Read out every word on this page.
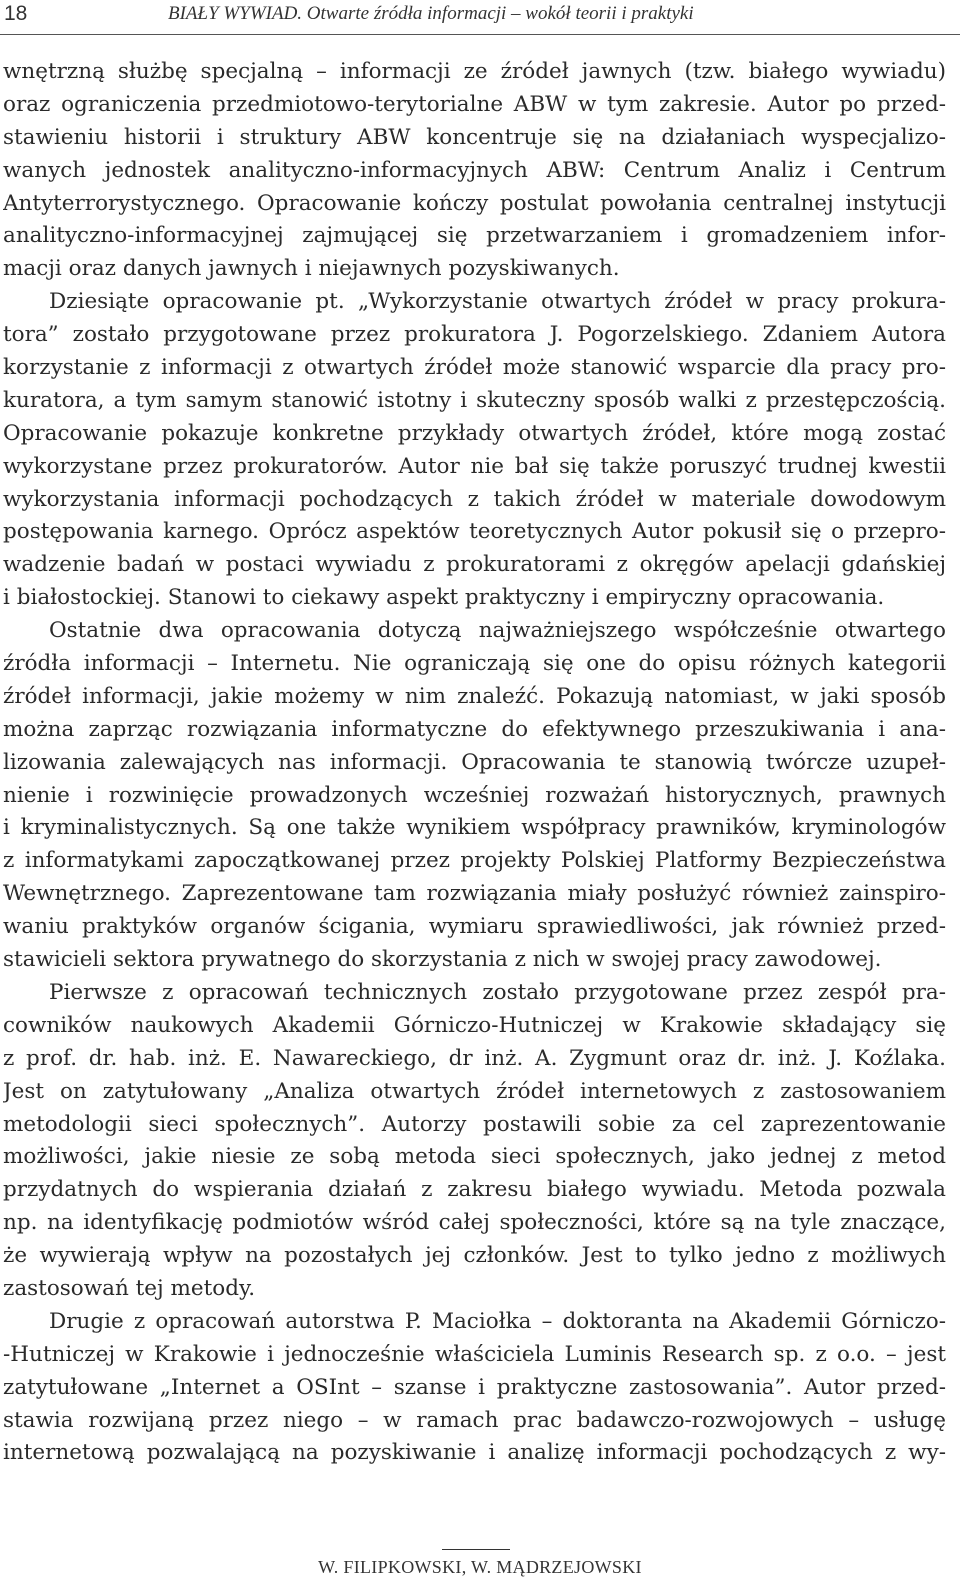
18	BIAŁY WYWIAD. Otwarte źródła informacji – wokół teorii i praktyki
wnętrzną służbę specjalną – informacji ze źródeł jawnych (tzw. białego wywiadu)
oraz ograniczenia przedmiotowo-terytorialne ABW w tym zakresie. Autor po przed-
stawieniu historii i struktury ABW koncentruje się na działaniach wyspecjalizo-
wanych jednostek analityczno-informacyjnych ABW: Centrum Analiz i Centrum
Antyterrorystycznego. Opracowanie kończy postulat powołania centralnej instytucji
analityczno-informacyjnej zajmującej się przetwarzaniem i gromadzeniem infor-
macji oraz danych jawnych i niejawnych pozyskiwanych.
Dziesiąte opracowanie pt. „Wykorzystanie otwartych źródeł w pracy prokura-
tora” zostało przygotowane przez prokuratora J. Pogorzelskiego. Zdaniem Autora
korzystanie z informacji z otwartych źródeł może stanowić wsparcie dla pracy pro-
kuratora, a tym samym stanowić istotny i skuteczny sposób walki z przestępczością.
Opracowanie pokazuje konkretne przykłady otwartych źródeł, które mogą zostać
wykorzystane przez prokuratorów. Autor nie bał się także poruszyć trudnej kwestii
wykorzystania informacji pochodzących z takich źródeł w materiale dowodowym
postępowania karnego. Oprócz aspektów teoretycznych Autor pokusił się o przepro-
wadzenie badań w postaci wywiadu z prokuratorami z okręgów apelacji gdańskiej
i białostockiej. Stanowi to ciekawy aspekt praktyczny i empiryczny opracowania.
Ostatnie dwa opracowania dotyczą najważniejszego współcześnie otwartego
źródła informacji – Internetu. Nie ograniczają się one do opisu różnych kategorii
źródeł informacji, jakie możemy w nim znaleźć. Pokazują natomiast, w jaki sposób
można zaprząc rozwiązania informatyczne do efektywnego przeszukiwania i ana-
lizowania zalewających nas informacji. Opracowania te stanowią twórcze uzupeł-
nienie i rozwinięcie prowadzonych wcześniej rozważań historycznych, prawnych
i kryminalistycznych. Są one także wynikiem współpracy prawników, kryminologów
z informatykami zapoczątkowanej przez projekty Polskiej Platformy Bezpieczeństwa
Wewnętrznego. Zaprezentowane tam rozwiązania miały posłużyć również zainspiro-
waniu praktyków organów ścigania, wymiaru sprawiedliwości, jak również przed-
stawicieli sektora prywatnego do skorzystania z nich w swojej pracy zawodowej.
Pierwsze z opracowań technicznych zostało przygotowane przez zespół pra-
cowników naukowych Akademii Górniczo-Hutniczej w Krakowie składający się
z prof. dr. hab. inż. E. Nawareckiego, dr inż. A. Zygmunt oraz dr. inż. J. Koźlaka.
Jest on zatytułowany „Analiza otwartych źródeł internetowych z zastosowaniem
metodologii sieci społecznych”. Autorzy postawili sobie za cel zaprezentowanie
możliwości, jakie niesie ze sobą metoda sieci społecznych, jako jednej z metod
przydatnych do wspierania działań z zakresu białego wywiadu. Metoda pozwala
np. na identyfikację podmiotów wśród całej społeczności, które są na tyle znaczące,
że wywierają wpływ na pozostałych jej członków. Jest to tylko jedno z możliwych
zastosowań tej metody.
Drugie z opracowań autorstwa P. Maciołka – doktoranta na Akademii Górniczo-
-Hutniczej w Krakowie i jednocześnie właściciela Luminis Research sp. z o.o. – jest
zatytułowane „Internet a OSInt – szanse i praktyczne zastosowania”. Autor przed-
stawia rozwijaną przez niego – w ramach prac badawczo-rozwojowych – usługę
internetową pozwalającą na pozyskiwanie i analizę informacji pochodzących z wy-
W. FILIPKOWSKI, W. MĄDRZEJOWSKI
